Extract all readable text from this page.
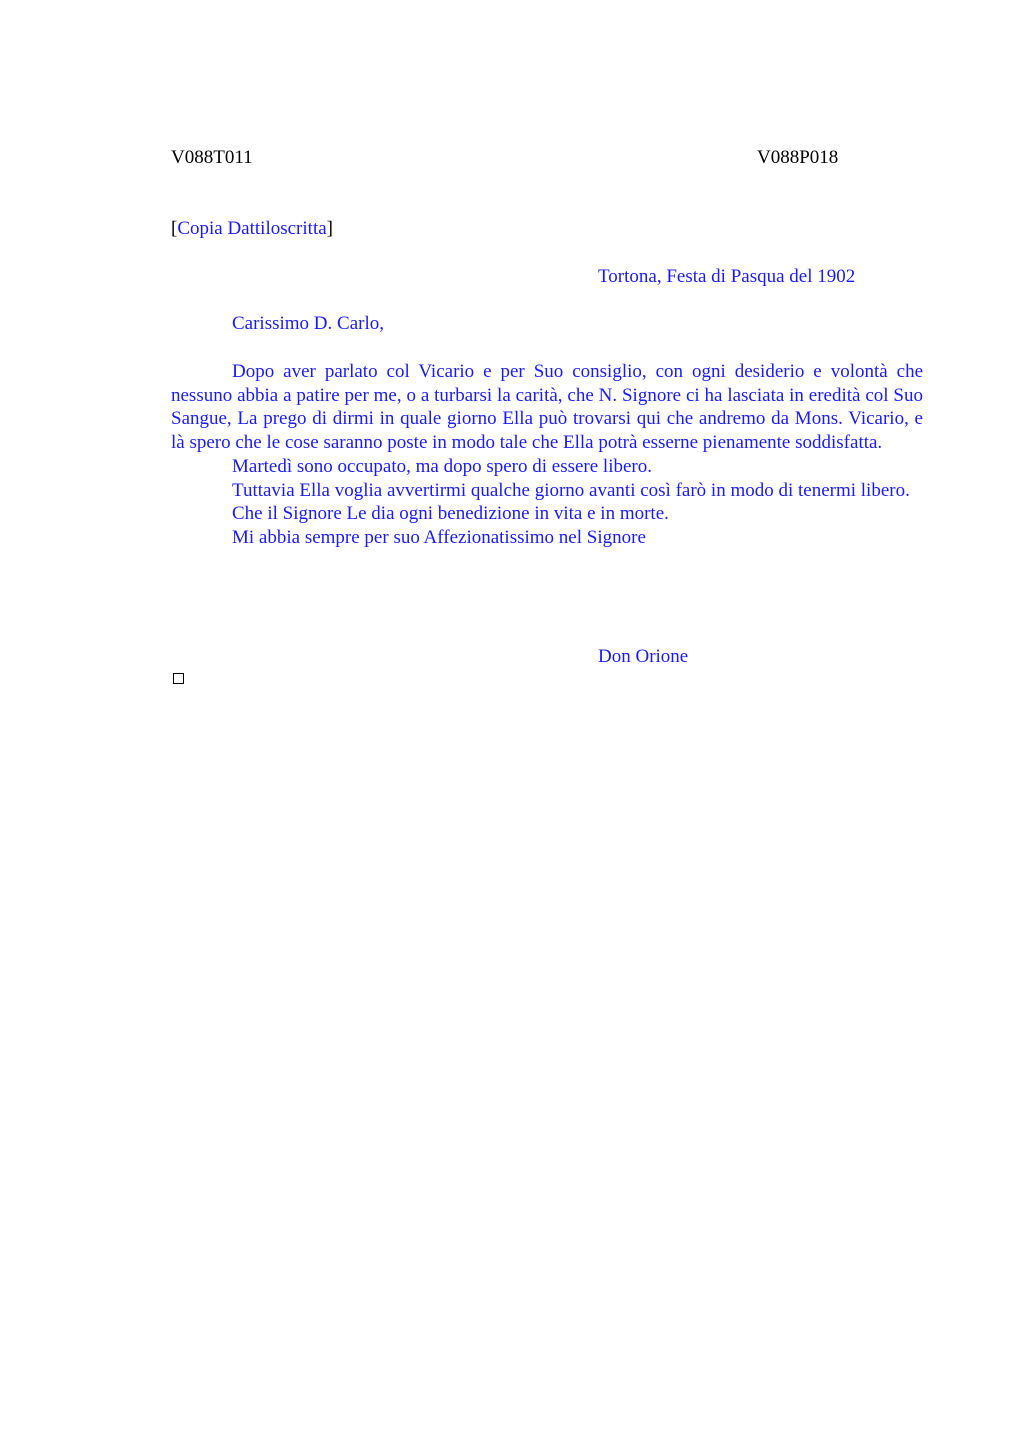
V088T011	V088P018
[Copia Dattiloscritta]
Tortona, Festa di Pasqua del 1902
Carissimo D. Carlo,

Dopo aver parlato col Vicario e per Suo consiglio, con ogni desiderio e volontà che nessuno abbia a patire per me, o a turbarsi la carità, che N. Signore ci ha lasciata in eredità col Suo Sangue, La prego di dirmi in quale giorno Ella può trovarsi qui che andremo da Mons. Vicario, e là spero che le cose saranno poste in modo tale che Ella potrà esserne pienamente soddisfatta.

Martedì sono occupato, ma dopo spero di essere libero.

Tuttavia Ella voglia avvertirmi qualche giorno avanti così farò in modo di tenermi libero.

Che il Signore Le dia ogni benedizione in vita e in morte.

Mi abbia sempre per suo Affezionatissimo nel Signore

Don Orione
